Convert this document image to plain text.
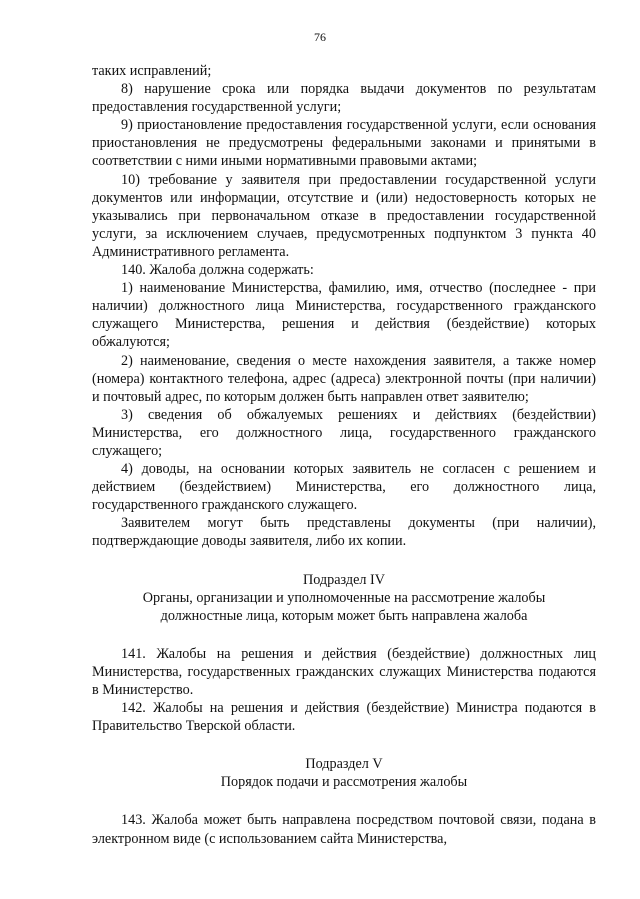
76

таких исправлений;

8) нарушение срока или порядка выдачи документов по результатам предоставления государственной услуги;

9) приостановление предоставления государственной услуги, если основания приостановления не предусмотрены федеральными законами и принятыми в соответствии с ними иными нормативными правовыми актами;

10) требование у заявителя при предоставлении государственной услуги документов или информации, отсутствие и (или) недостоверность которых не указывались при первоначальном отказе в предоставлении государственной услуги, за исключением случаев, предусмотренных подпунктом 3 пункта 40 Административного регламента.

140. Жалоба должна содержать:

1) наименование Министерства, фамилию, имя, отчество (последнее - при наличии) должностного лица Министерства, государственного гражданского служащего Министерства, решения и действия (бездействие) которых обжалуются;

2) наименование, сведения о месте нахождения заявителя, а также номер (номера) контактного телефона, адрес (адреса) электронной почты (при наличии) и почтовый адрес, по которым должен быть направлен ответ заявителю;

3) сведения об обжалуемых решениях и действиях (бездействии) Министерства, его должностного лица, государственного гражданского служащего;

4) доводы, на основании которых заявитель не согласен с решением и действием (бездействием) Министерства, его должностного лица, государственного гражданского служащего.

Заявителем могут быть представлены документы (при наличии), подтверждающие доводы заявителя, либо их копии.

Подраздел IV

Органы, организации и уполномоченные на рассмотрение жалобы

должностные лица, которым может быть направлена жалоба

141. Жалобы на решения и действия (бездействие) должностных лиц Министерства, государственных гражданских служащих Министерства подаются в Министерство.

142. Жалобы на решения и действия (бездействие) Министра подаются в Правительство Тверской области.

Подраздел V

Порядок подачи и рассмотрения жалобы

143. Жалоба может быть направлена посредством почтовой связи, подана в электронном виде (с использованием сайта Министерства,
